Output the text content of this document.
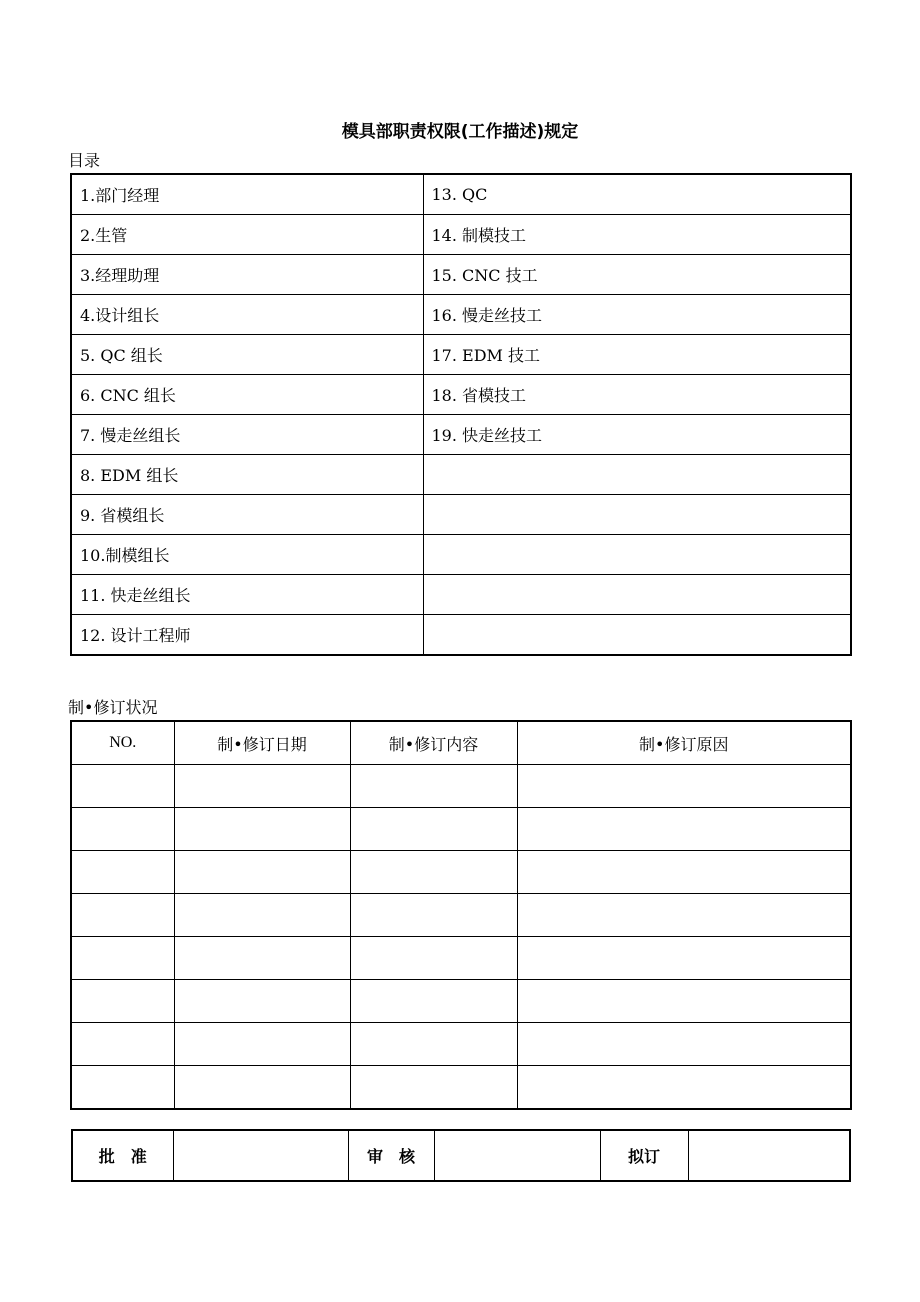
模具部职责权限(工作描述)规定
目录
1.部门经理	13. QC
2.生管	14. 制模技工
3.经理助理	15. CNC 技工
4.设计组长	16. 慢走丝技工
5. QC 组长	17. EDM 技工
6. CNC 组长	18. 省模技工
7. 慢走丝组长	19. 快走丝技工
8. EDM 组长	
9. 省模组长	
10.制模组长	
11. 快走丝组长	
12. 设计工程师	
制•修订状况
NO.	制•修订日期	制•修订内容	制•修订原因

批　准		审　核		拟订	
